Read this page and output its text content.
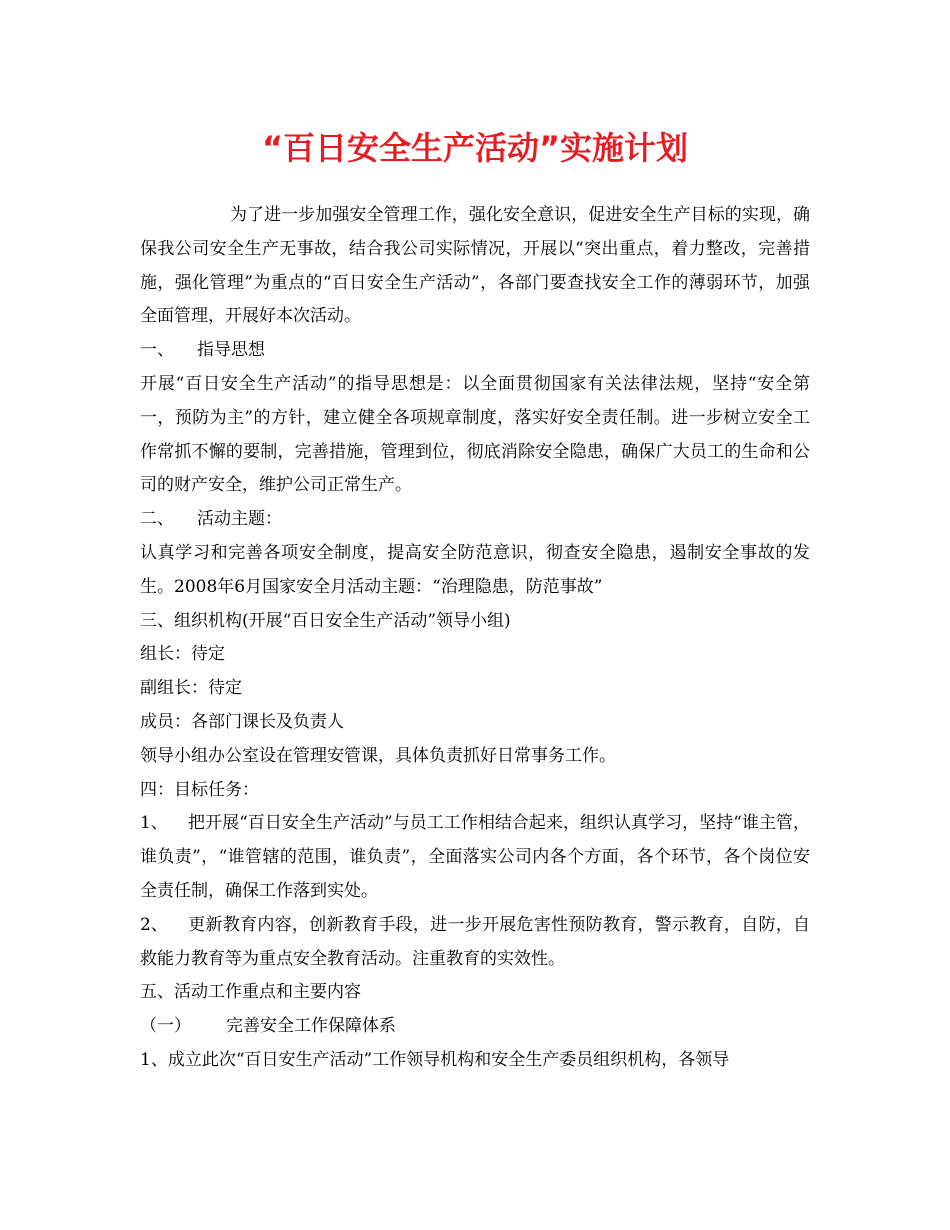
“百日安全生产活动”实施计划

为了进一步加强安全管理工作，强化安全意识，促进安全生产目标的实现，确保我公司安全生产无事故，结合我公司实际情况，开展以“突出重点，着力整改，完善措施，强化管理”为重点的“百日安全生产活动”，各部门要查找安全工作的薄弱环节，加强全面管理，开展好本次活动。

一、 指导思想

开展“百日安全生产活动”的指导思想是：以全面贯彻国家有关法律法规，坚持“安全第一，预防为主”的方针，建立健全各项规章制度，落实好安全责任制。进一步树立安全工作常抓不懈的要制，完善措施，管理到位，彻底消除安全隐患，确保广大员工的生命和公司的财产安全，维护公司正常生产。

二、 活动主题：

认真学习和完善各项安全制度，提高安全防范意识，彻查安全隐患，遏制安全事故的发生。2008年6月国家安全月活动主题：“治理隐患，防范事故”

三、组织机构(开展“百日安全生产活动”领导小组)

组长：待定

副组长：待定

成员：各部门课长及负责人

领导小组办公室设在管理安管课，具体负责抓好日常事务工作。

四：目标任务：

1、 把开展“百日安全生产活动”与员工工作相结合起来，组织认真学习，坚持“谁主管，谁负责”，“谁管辖的范围，谁负责”，全面落实公司内各个方面，各个环节，各个岗位安全责任制，确保工作落到实处。

2、 更新教育内容，创新教育手段，进一步开展危害性预防教育，警示教育，自防，自救能力教育等为重点安全教育活动。注重教育的实效性。

五、活动工作重点和主要内容

（一） 完善安全工作保障体系

1、成立此次“百日安生产活动”工作领导机构和安全生产委员组织机构，各领导
